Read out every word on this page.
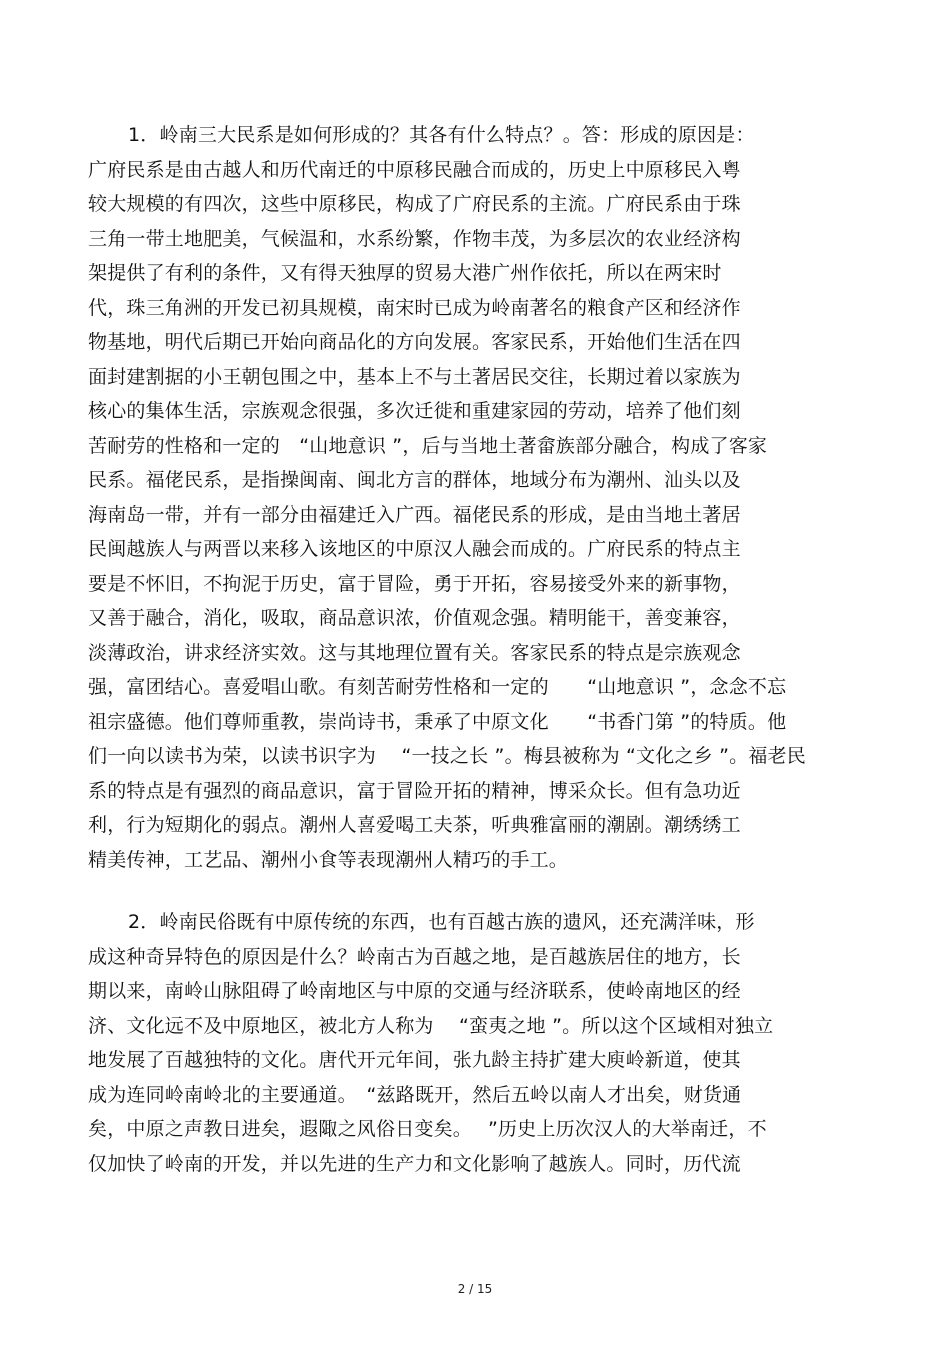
1．岭南三大民系是如何形成的？其各有什么特点？。答：形成的原因是：
广府民系是由古越人和历代南迁的中原移民融合而成的，历史上中原移民入粤
较大规模的有四次，这些中原移民，构成了广府民系的主流。广府民系由于珠
三角一带土地肥美，气候温和，水系纷繁，作物丰茂，为多层次的农业经济构
架提供了有利的条件，又有得天独厚的贸易大港广州作依托，所以在两宋时
代，珠三角洲的开发已初具规模，南宋时已成为岭南著名的粮食产区和经济作
物基地，明代后期已开始向商品化的方向发展。客家民系，开始他们生活在四
面封建割据的小王朝包围之中，基本上不与土著居民交往，长期过着以家族为
核心的集体生活，宗族观念很强，多次迁徙和重建家园的劳动，培养了他们刻
苦耐劳的性格和一定的　“山地意识 ”，后与当地土著畲族部分融合，构成了客家
民系。福佬民系，是指操闽南、闽北方言的群体，地域分布为潮州、汕头以及
海南岛一带，并有一部分由福建迁入广西。福佬民系的形成，是由当地土著居
民闽越族人与两晋以来移入该地区的中原汉人融会而成的。广府民系的特点主
要是不怀旧，不拘泥于历史，富于冒险，勇于开拓，容易接受外来的新事物，
又善于融合，消化，吸取，商品意识浓，价值观念强。精明能干，善变兼容，
淡薄政治，讲求经济实效。这与其地理位置有关。客家民系的特点是宗族观念
强，富团结心。喜爱唱山歌。有刻苦耐劳性格和一定的　　“山地意识 ”，念念不忘
祖宗盛德。他们尊师重教，崇尚诗书，秉承了中原文化　　“书香门第 ”的特质。他
们一向以读书为荣，以读书识字为　 “一技之长 ”。梅县被称为 “文化之乡 ”。福老民
系的特点是有强烈的商品意识，富于冒险开拓的精神，博采众长。但有急功近
利，行为短期化的弱点。潮州人喜爱喝工夫茶，听典雅富丽的潮剧。潮绣绣工
精美传神，工艺品、潮州小食等表现潮州人精巧的手工。

2．岭南民俗既有中原传统的东西，也有百越古族的遗风，还充满洋味，形
成这种奇异特色的原因是什么？岭南古为百越之地，是百越族居住的地方，长
期以来，南岭山脉阻碍了岭南地区与中原的交通与经济联系，使岭南地区的经
济、文化远不及中原地区，被北方人称为　 “蛮夷之地 ”。所以这个区域相对独立
地发展了百越独特的文化。唐代开元年间，张九龄主持扩建大庾岭新道，使其
成为连同岭南岭北的主要通道。　“兹路既开，然后五岭以南人才出矣，财货通
矣，中原之声教日进矣，遐陬之风俗日变矣。　 ”历史上历次汉人的大举南迁，不
仅加快了岭南的开发，并以先进的生产力和文化影响了越族人。同时，历代流

2 / 15
